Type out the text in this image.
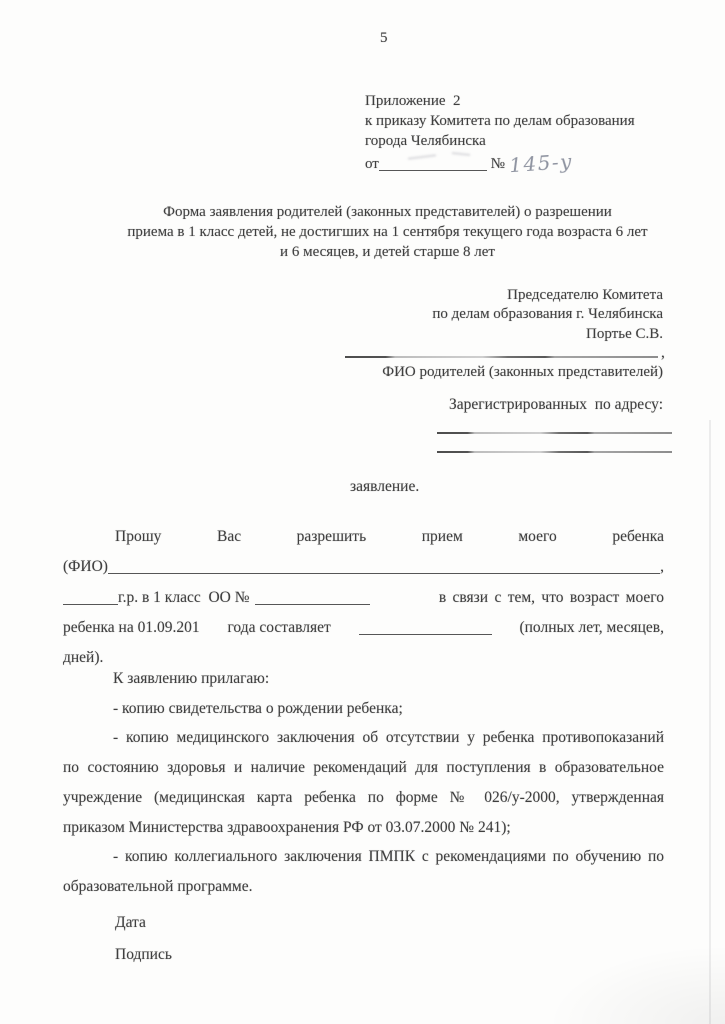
5
Приложение  2
к приказу Комитета по делам образования
города Челябинска
от	№ 145-у
Форма заявления родителей (законных представителей) о разрешении
приема в 1 класс детей, не достигших на 1 сентября текущего года возраста 6 лет
и 6 месяцев, и детей старше 8 лет
Председателю Комитета
по делам образования г. Челябинска
Портье С.В.
,
ФИО родителей (законных представителей)
Зарегистрированных  по адресу:
заявление.
Прошу Вас разрешить прием моего ребенка
(ФИО)	,
г.р. в 1 класс  ОО №	в связи с тем, что возраст моего
ребенка на 01.09.201 года составляет	(полных лет, месяцев,
дней).
К заявлению прилагаю:
- копию свидетельства о рождении ребенка;
- копию медицинского заключения об отсутствии у ребенка противопоказаний
по состоянию здоровья и наличие рекомендаций для поступления в образовательное
учреждение (медицинская карта ребенка по форме № 026/у-2000, утвержденная
приказом Министерства здравоохранения РФ от 03.07.2000 № 241);
- копию коллегиального заключения ПМПК с рекомендациями по обучению по
образовательной программе.
Дата
Подпись
